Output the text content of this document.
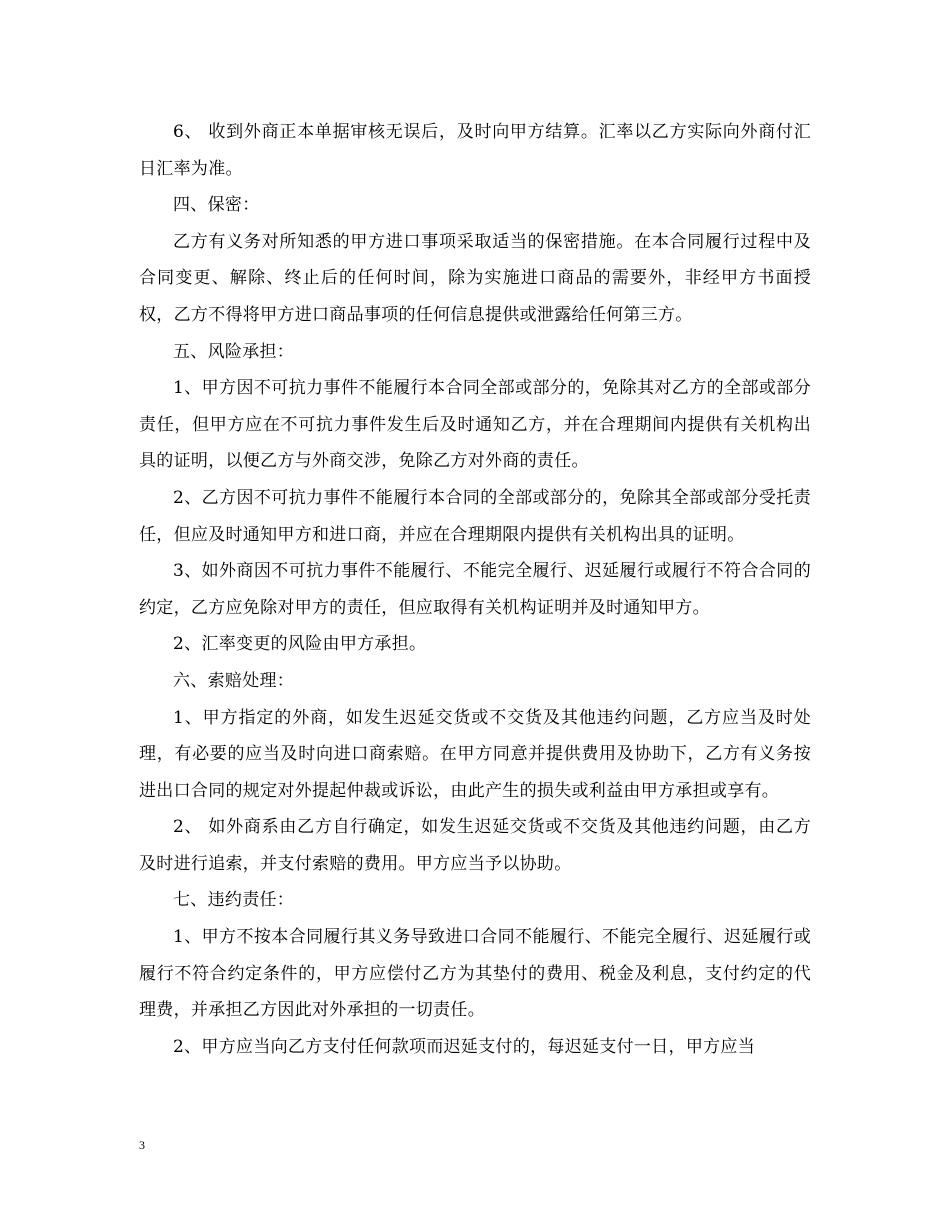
6、 收到外商正本单据审核无误后，及时向甲方结算。汇率以乙方实际向外商付汇日汇率为准。

四、保密：

乙方有义务对所知悉的甲方进口事项采取适当的保密措施。在本合同履行过程中及合同变更、解除、终止后的任何时间，除为实施进口商品的需要外，非经甲方书面授权，乙方不得将甲方进口商品事项的任何信息提供或泄露给任何第三方。

五、风险承担：

1、甲方因不可抗力事件不能履行本合同全部或部分的，免除其对乙方的全部或部分责任，但甲方应在不可抗力事件发生后及时通知乙方，并在合理期间内提供有关机构出具的证明，以便乙方与外商交涉，免除乙方对外商的责任。

2、乙方因不可抗力事件不能履行本合同的全部或部分的，免除其全部或部分受托责任，但应及时通知甲方和进口商，并应在合理期限内提供有关机构出具的证明。

3、如外商因不可抗力事件不能履行、不能完全履行、迟延履行或履行不符合合同的约定，乙方应免除对甲方的责任，但应取得有关机构证明并及时通知甲方。

2、汇率变更的风险由甲方承担。

六、索赔处理：

1、甲方指定的外商，如发生迟延交货或不交货及其他违约问题，乙方应当及时处理，有必要的应当及时向进口商索赔。在甲方同意并提供费用及协助下，乙方有义务按进出口合同的规定对外提起仲裁或诉讼，由此产生的损失或利益由甲方承担或享有。

2、 如外商系由乙方自行确定，如发生迟延交货或不交货及其他违约问题，由乙方及时进行追索，并支付索赔的费用。甲方应当予以协助。

七、违约责任：

1、甲方不按本合同履行其义务导致进口合同不能履行、不能完全履行、迟延履行或履行不符合约定条件的，甲方应偿付乙方为其垫付的费用、税金及利息，支付约定的代理费，并承担乙方因此对外承担的一切责任。

2、甲方应当向乙方支付任何款项而迟延支付的，每迟延支付一日，甲方应当

3
